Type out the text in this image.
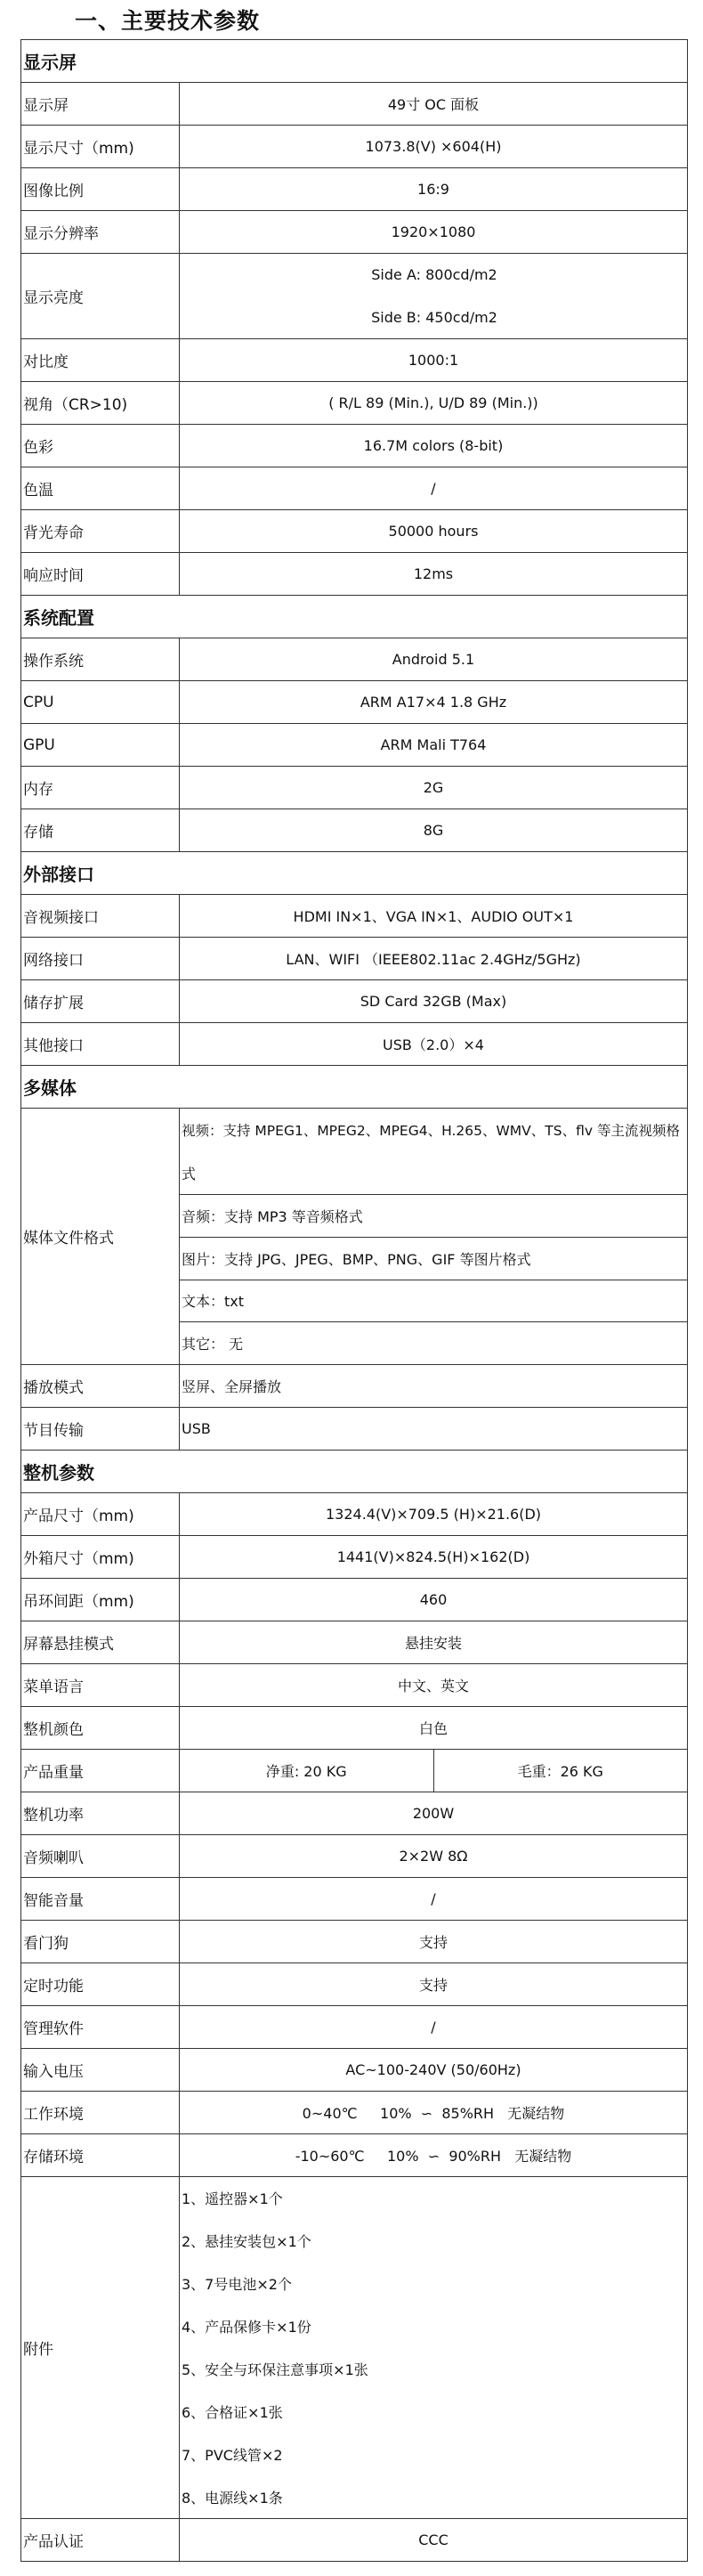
一、主要技术参数
显示屏
显示屏	49寸 OC 面板
显示尺寸（mm)	1073.8(V) ×604(H)
图像比例	16:9
显示分辨率	1920×1080
显示亮度
Side A: 800cd/m2
Side B: 450cd/m2
对比度	1000:1
视角（CR>10)	( R/L 89 (Min.), U/D 89 (Min.))
色彩	16.7M colors (8-bit)
色温	/
背光寿命	50000 hours
响应时间	12ms
系统配置
操作系统	Android 5.1
CPU	ARM A17×4 1.8 GHz
GPU	ARM Mali T764
内存	2G
存储	8G
外部接口
音视频接口	HDMI IN×1、VGA IN×1、AUDIO OUT×1
网络接口	LAN、WIFI （IEEE802.11ac 2.4GHz/5GHz)
储存扩展	SD Card 32GB (Max)
其他接口	USB（2.0）×4
多媒体
媒体文件格式
视频：支持 MPEG1、MPEG2、MPEG4、H.265、WMV、TS、flv 等主流视频格
式
音频：支持 MP3 等音频格式
图片：支持 JPG、JPEG、BMP、PNG、GIF 等图片格式
文本：txt
其它： 无
播放模式	竖屏、全屏播放
节目传输	USB
整机参数
产品尺寸（mm)	1324.4(V)×709.5 (H)×21.6(D)
外箱尺寸（mm)	1441(V)×824.5(H)×162(D)
吊环间距（mm)	460
屏幕悬挂模式	悬挂安装
菜单语言	中文、英文
整机颜色	白色
产品重量	净重: 20 KG	毛重：26 KG
整机功率	200W
音频喇叭	2×2W 8Ω
智能音量	/
看门狗	支持
定时功能	支持
管理软件	/
输入电压	AC~100-240V (50/60Hz)
工作环境	0~40℃     10%  ∽  85%RH   无凝结物
存储环境	-10~60℃     10%  ∽  90%RH   无凝结物
附件
1、遥控器×1个
2、悬挂安装包×1个
3、7号电池×2个
4、产品保修卡×1份
5、安全与环保注意事项×1张
6、合格证×1张
7、PVC线管×2
8、电源线×1条
产品认证	CCC
